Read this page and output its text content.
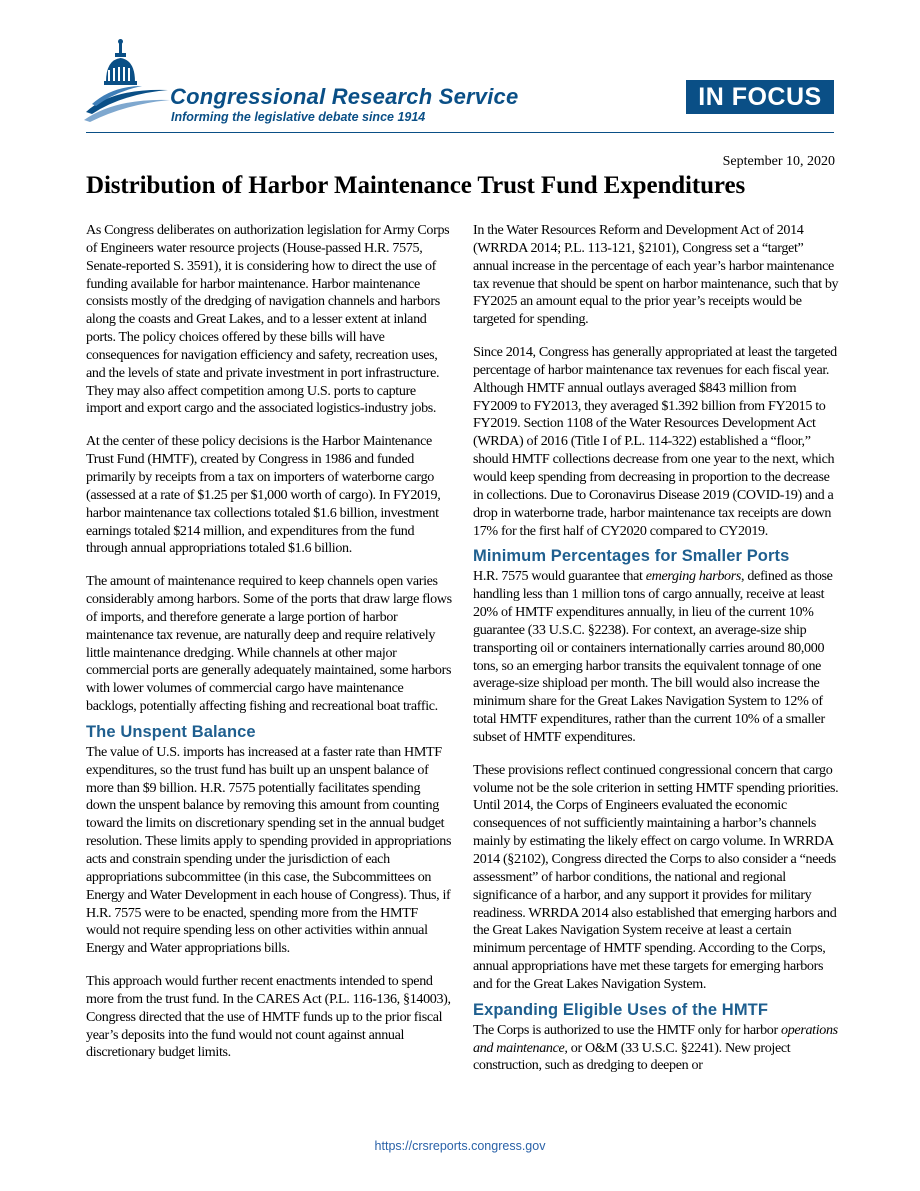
Congressional Research Service

Informing the legislative debate since 1914

IN FOCUS

September 10, 2020

Distribution of Harbor Maintenance Trust Fund Expenditures

As Congress deliberates on authorization legislation for Army Corps of Engineers water resource projects (House-passed H.R. 7575, Senate-reported S. 3591), it is considering how to direct the use of funding available for harbor maintenance. Harbor maintenance consists mostly of the dredging of navigation channels and harbors along the coasts and Great Lakes, and to a lesser extent at inland ports. The policy choices offered by these bills will have consequences for navigation efficiency and safety, recreation uses, and the levels of state and private investment in port infrastructure. They may also affect competition among U.S. ports to capture import and export cargo and the associated logistics-industry jobs.

At the center of these policy decisions is the Harbor Maintenance Trust Fund (HMTF), created by Congress in 1986 and funded primarily by receipts from a tax on importers of waterborne cargo (assessed at a rate of $1.25 per $1,000 worth of cargo). In FY2019, harbor maintenance tax collections totaled $1.6 billion, investment earnings totaled $214 million, and expenditures from the fund through annual appropriations totaled $1.6 billion.

The amount of maintenance required to keep channels open varies considerably among harbors. Some of the ports that draw large flows of imports, and therefore generate a large portion of harbor maintenance tax revenue, are naturally deep and require relatively little maintenance dredging. While channels at other major commercial ports are generally adequately maintained, some harbors with lower volumes of commercial cargo have maintenance backlogs, potentially affecting fishing and recreational boat traffic.

The Unspent Balance

The value of U.S. imports has increased at a faster rate than HMTF expenditures, so the trust fund has built up an unspent balance of more than $9 billion. H.R. 7575 potentially facilitates spending down the unspent balance by removing this amount from counting toward the limits on discretionary spending set in the annual budget resolution. These limits apply to spending provided in appropriations acts and constrain spending under the jurisdiction of each appropriations subcommittee (in this case, the Subcommittees on Energy and Water Development in each house of Congress). Thus, if H.R. 7575 were to be enacted, spending more from the HMTF would not require spending less on other activities within annual Energy and Water appropriations bills.

This approach would further recent enactments intended to spend more from the trust fund. In the CARES Act (P.L. 116-136, §14003), Congress directed that the use of HMTF funds up to the prior fiscal year’s deposits into the fund would not count against annual discretionary budget limits.

In the Water Resources Reform and Development Act of 2014 (WRRDA 2014; P.L. 113-121, §2101), Congress set a “target” annual increase in the percentage of each year’s harbor maintenance tax revenue that should be spent on harbor maintenance, such that by FY2025 an amount equal to the prior year’s receipts would be targeted for spending.

Since 2014, Congress has generally appropriated at least the targeted percentage of harbor maintenance tax revenues for each fiscal year. Although HMTF annual outlays averaged $843 million from FY2009 to FY2013, they averaged $1.392 billion from FY2015 to FY2019. Section 1108 of the Water Resources Development Act (WRDA) of 2016 (Title I of P.L. 114-322) established a “floor,” should HMTF collections decrease from one year to the next, which would keep spending from decreasing in proportion to the decrease in collections. Due to Coronavirus Disease 2019 (COVID-19) and a drop in waterborne trade, harbor maintenance tax receipts are down 17% for the first half of CY2020 compared to CY2019.

Minimum Percentages for Smaller Ports

H.R. 7575 would guarantee that emerging harbors, defined as those handling less than 1 million tons of cargo annually, receive at least 20% of HMTF expenditures annually, in lieu of the current 10% guarantee (33 U.S.C. §2238). For context, an average-size ship transporting oil or containers internationally carries around 80,000 tons, so an emerging harbor transits the equivalent tonnage of one average-size shipload per month. The bill would also increase the minimum share for the Great Lakes Navigation System to 12% of total HMTF expenditures, rather than the current 10% of a smaller subset of HMTF expenditures.

These provisions reflect continued congressional concern that cargo volume not be the sole criterion in setting HMTF spending priorities. Until 2014, the Corps of Engineers evaluated the economic consequences of not sufficiently maintaining a harbor’s channels mainly by estimating the likely effect on cargo volume. In WRRDA 2014 (§2102), Congress directed the Corps to also consider a “needs assessment” of harbor conditions, the national and regional significance of a harbor, and any support it provides for military readiness. WRRDA 2014 also established that emerging harbors and the Great Lakes Navigation System receive at least a certain minimum percentage of HMTF spending. According to the Corps, annual appropriations have met these targets for emerging harbors and for the Great Lakes Navigation System.

Expanding Eligible Uses of the HMTF

The Corps is authorized to use the HMTF only for harbor operations and maintenance, or O&M (33 U.S.C. §2241). New project construction, such as dredging to deepen or

https://crsreports.congress.gov
